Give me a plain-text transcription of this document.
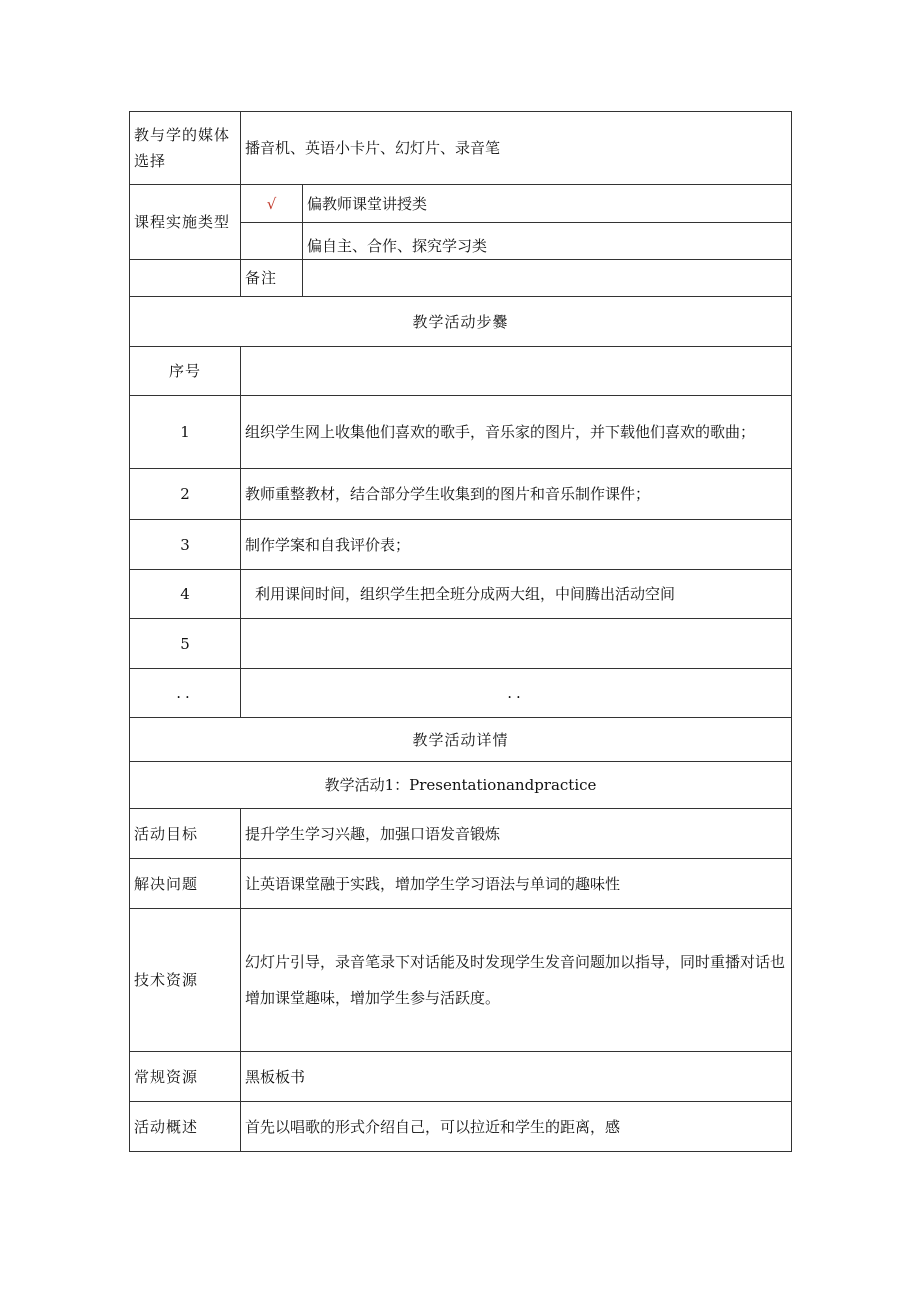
教与学的媒体选择	播音机、英语小卡片、幻灯片、录音笔	
课程实施类型	√	偏教师课堂讲授类
		偏自主、合作、探究学习类
	备注	
教学活动步爨		
序号		
1	组织学生网上收集他们喜欢的歌手，音乐家的图片，并下载他们喜欢的歌曲；	
2	教师重整教材，结合部分学生收集到的图片和音乐制作课件；	
3	制作学案和自我评价表；	
4	利用课间时间，组织学生把全班分成两大组，中间腾出活动空间	
5		
..	..	
教学活动详情		
教学活动1：Presentationandpractice		
活动目标	提升学生学习兴趣，加强口语发音锻炼	
解决问题	让英语课堂融于实践，增加学生学习语法与单词的趣味性	
技术资源	幻灯片引导，录音笔录下对话能及时发现学生发音问题加以指导，同时重播对话也增加课堂趣味，增加学生参与活跃度。	
常规资源	黑板板书	
活动概述	首先以唱歌的形式介绍自己，可以拉近和学生的距离，感	
